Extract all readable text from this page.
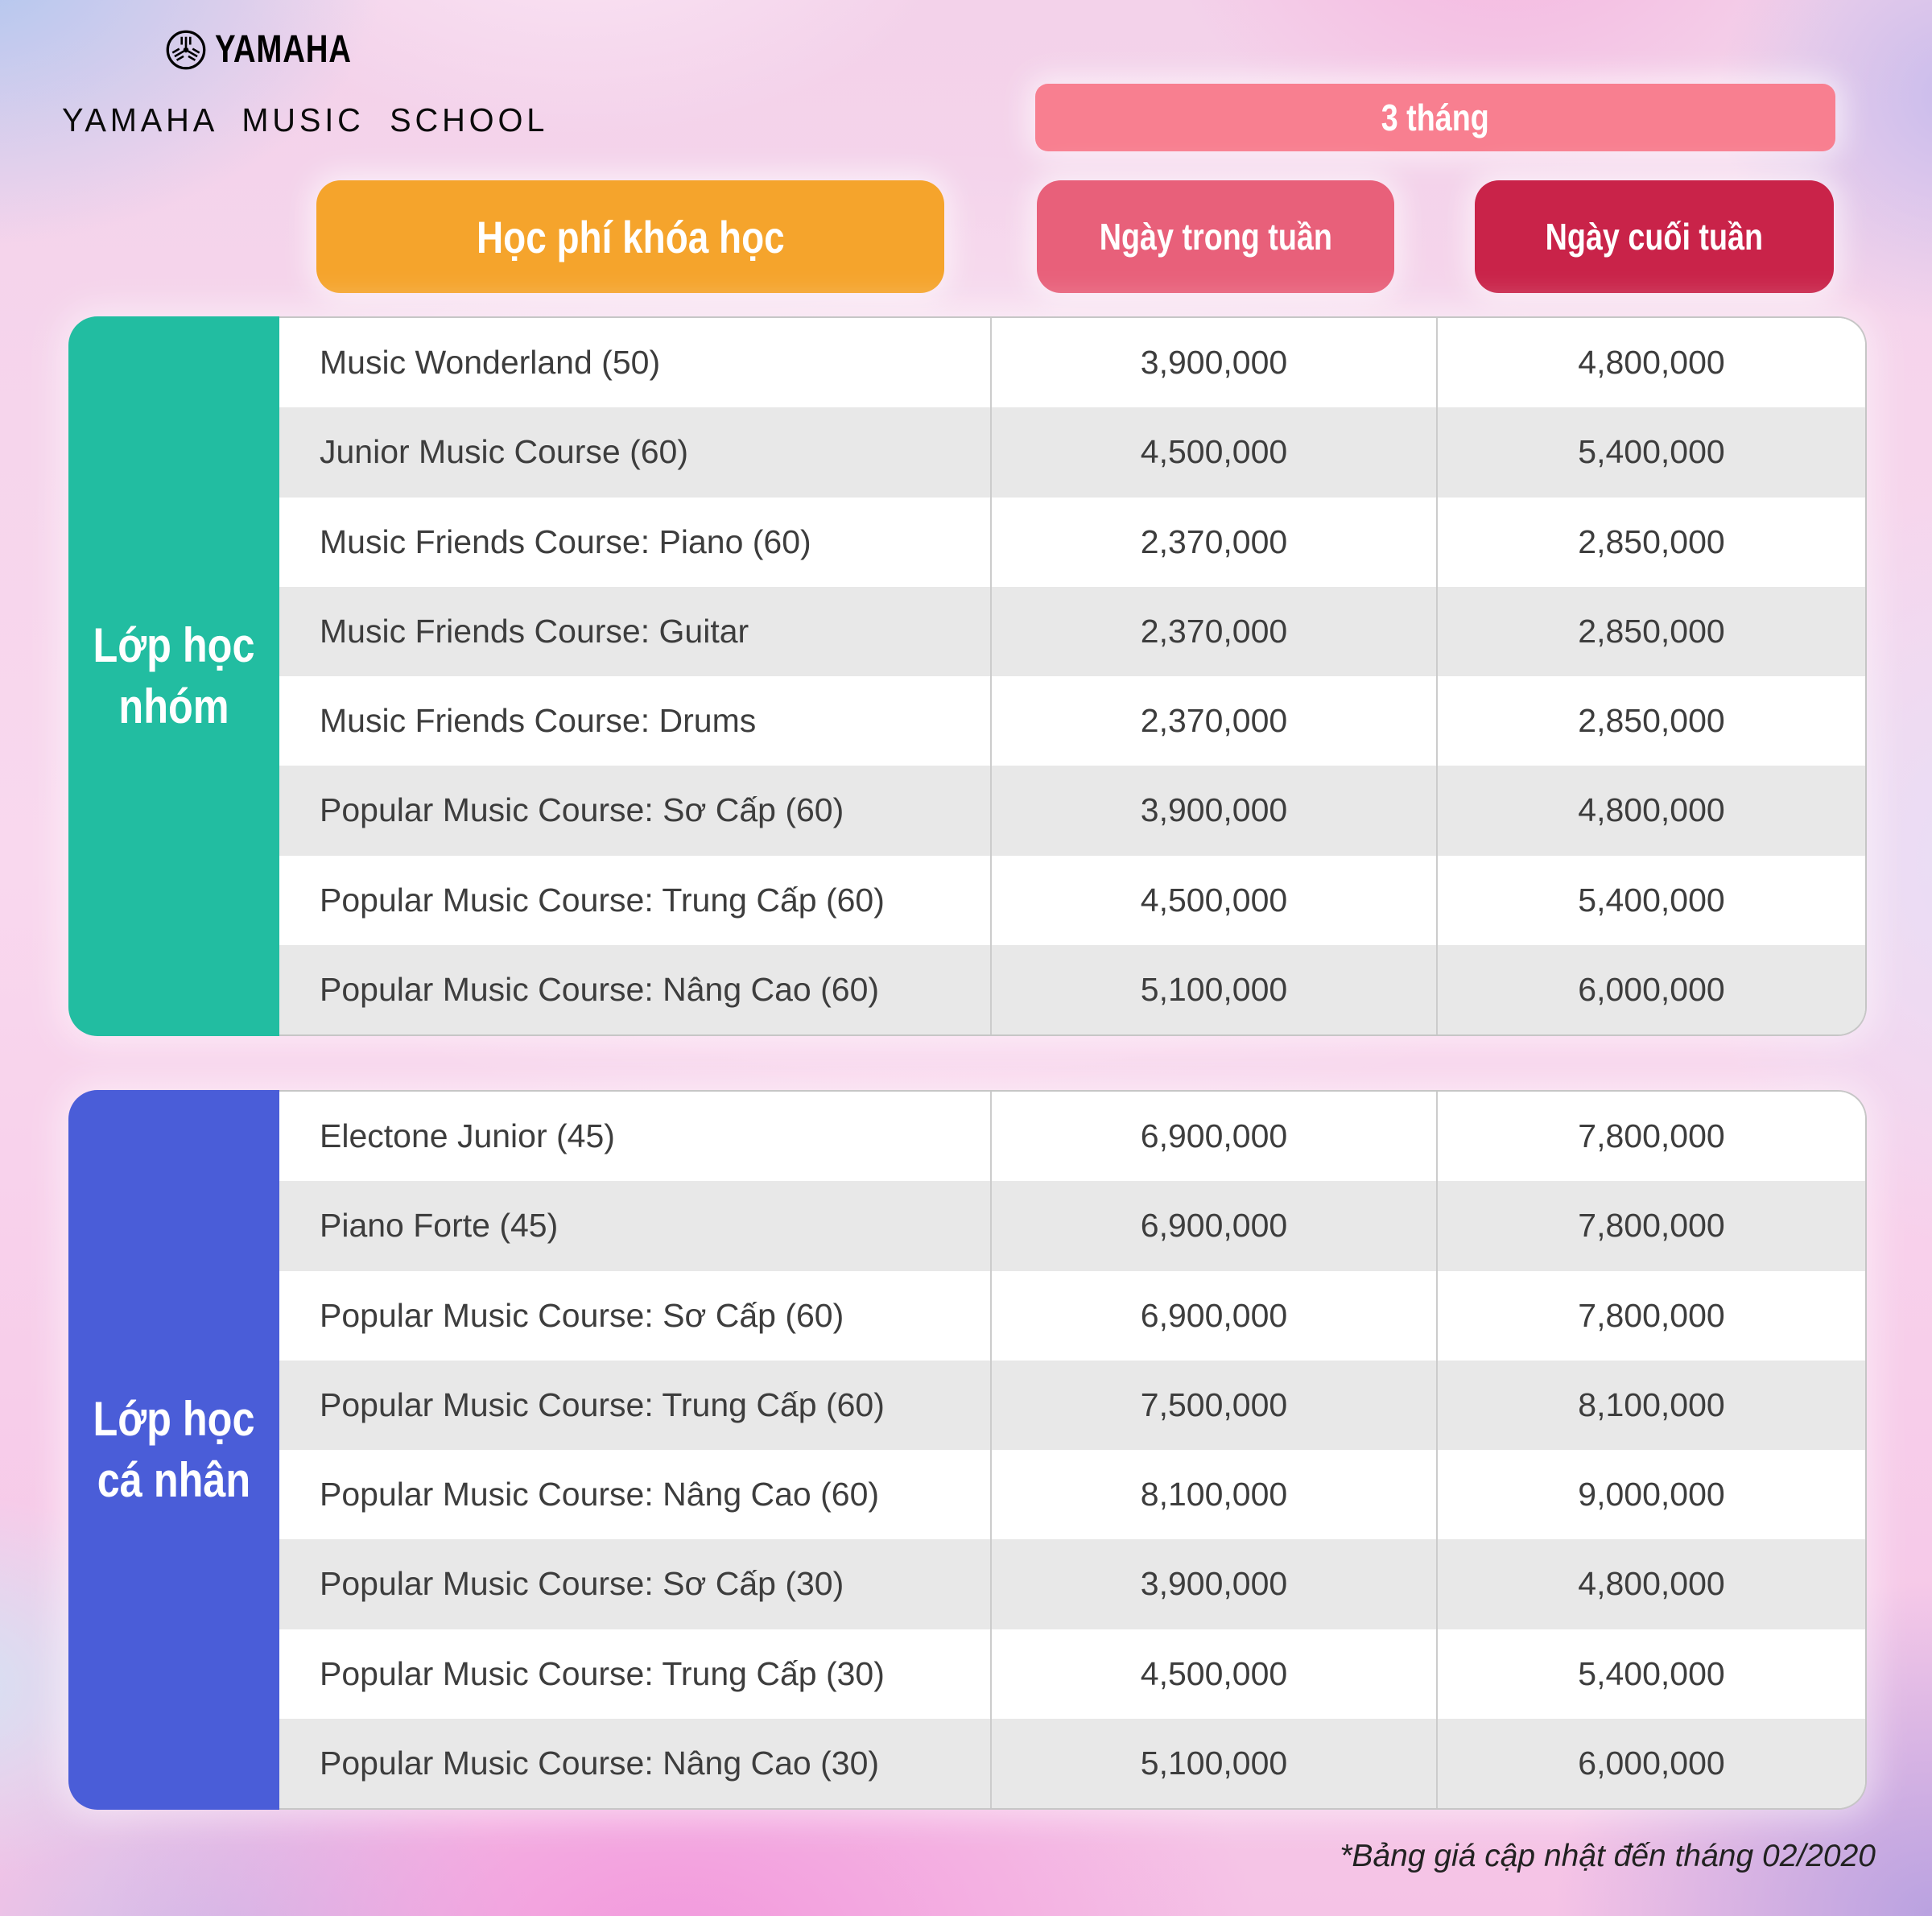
YAMAHA
YAMAHA MUSIC SCHOOL	3 tháng
Học phí khóa học	Ngày trong tuần	Ngày cuối tuần
Lớp học nhóm
Music Wonderland (50)	3,900,000	4,800,000
Junior Music Course (60)	4,500,000	5,400,000
Music Friends Course: Piano (60)	2,370,000	2,850,000
Music Friends Course: Guitar	2,370,000	2,850,000
Music Friends Course: Drums	2,370,000	2,850,000
Popular Music Course: Sơ Cấp (60)	3,900,000	4,800,000
Popular Music Course: Trung Cấp (60)	4,500,000	5,400,000
Popular Music Course: Nâng Cao (60)	5,100,000	6,000,000
Lớp học cá nhân
Electone Junior (45)	6,900,000	7,800,000
Piano Forte (45)	6,900,000	7,800,000
Popular Music Course: Sơ Cấp (60)	6,900,000	7,800,000
Popular Music Course: Trung Cấp (60)	7,500,000	8,100,000
Popular Music Course: Nâng Cao (60)	8,100,000	9,000,000
Popular Music Course: Sơ Cấp (30)	3,900,000	4,800,000
Popular Music Course: Trung Cấp (30)	4,500,000	5,400,000
Popular Music Course: Nâng Cao (30)	5,100,000	6,000,000
*Bảng giá cập nhật đến tháng 02/2020
